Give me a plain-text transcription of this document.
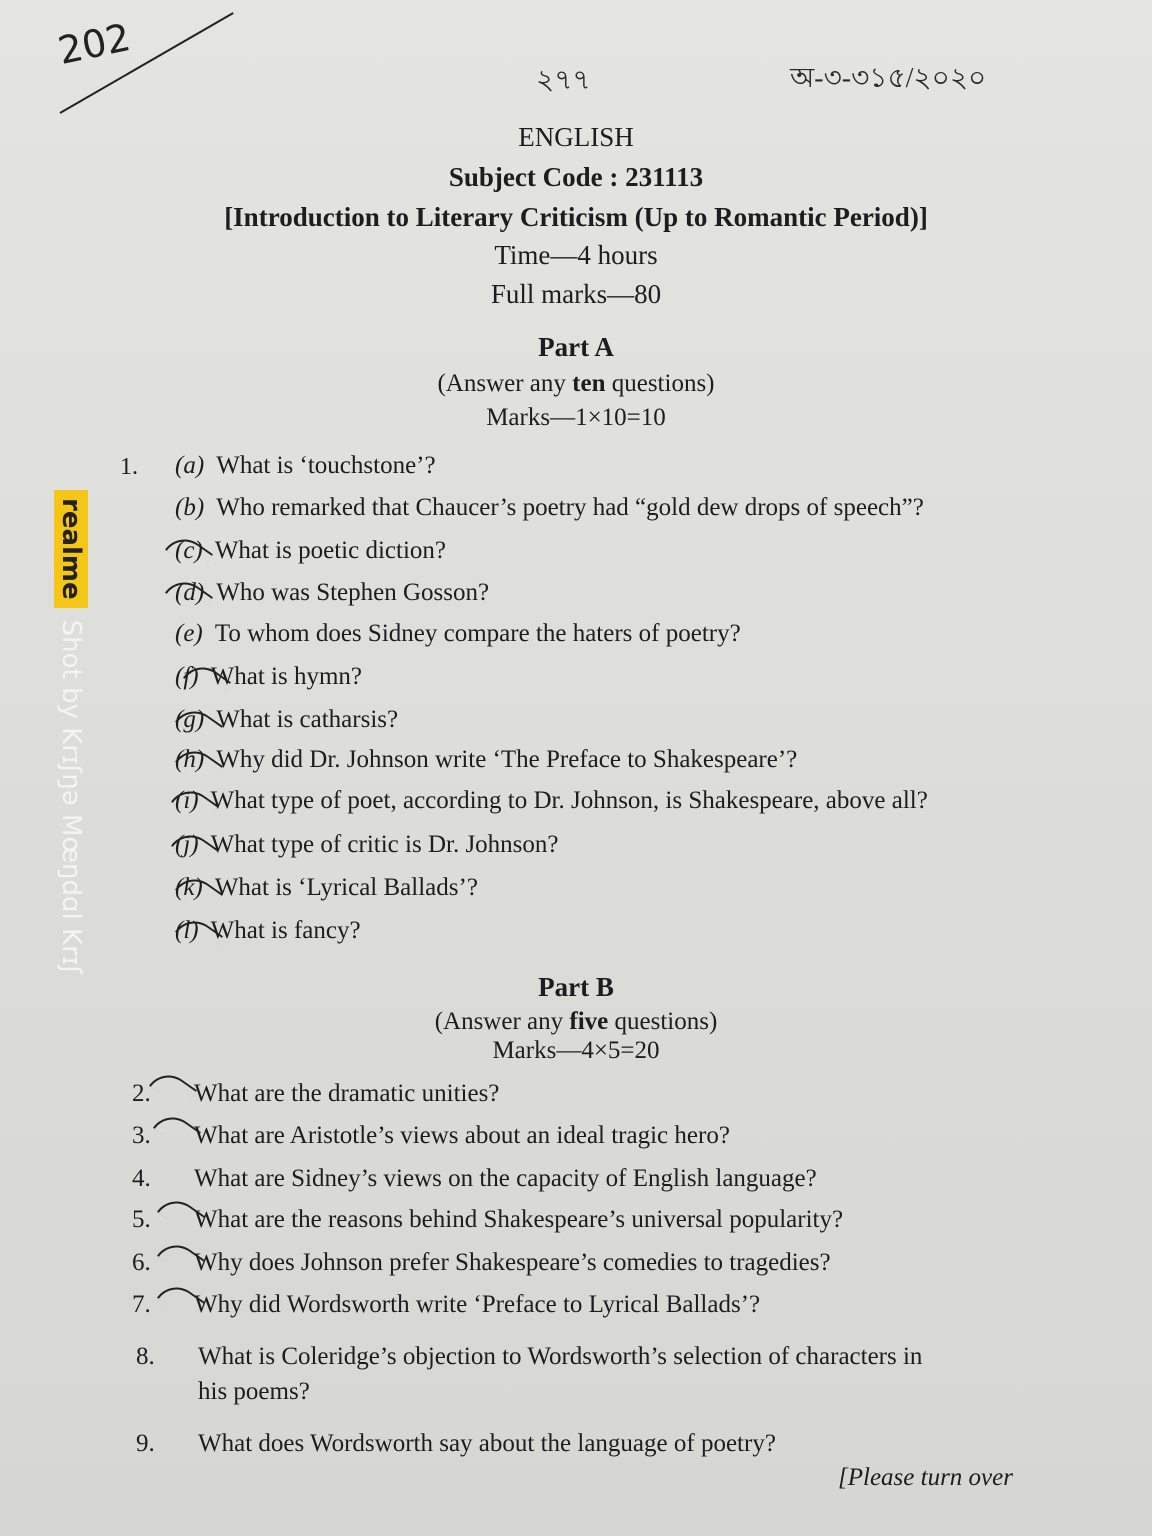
202
২৭৭	অ-৩-৩১৫/২০২০
ENGLISH
Subject Code : 231113
[Introduction to Literary Criticism (Up to Romantic Period)]
Time—4 hours
Full marks—80
Part A
(Answer any ten questions)
Marks—1×10=10
1. (a) What is ‘touchstone’?
(b) Who remarked that Chaucer’s poetry had “gold dew drops of speech”?
(c) What is poetic diction?
(d) Who was Stephen Gosson?
(e) To whom does Sidney compare the haters of poetry?
(f) What is hymn?
(g) What is catharsis?
(h) Why did Dr. Johnson write ‘The Preface to Shakespeare’?
(i) What type of poet, according to Dr. Johnson, is Shakespeare, above all?
(j) What type of critic is Dr. Johnson?
(k) What is ‘Lyrical Ballads’?
(l) What is fancy?
Part B
(Answer any five questions)
Marks—4×5=20
2. What are the dramatic unities?
3. What are Aristotle’s views about an ideal tragic hero?
4. What are Sidney’s views on the capacity of English language?
5. What are the reasons behind Shakespeare’s universal popularity?
6. Why does Johnson prefer Shakespeare’s comedies to tragedies?
7. Why did Wordsworth write ‘Preface to Lyrical Ballads’?
8. What is Coleridge’s objection to Wordsworth’s selection of characters in
his poems?
9. What does Wordsworth say about the language of poetry?
[Please turn over
realme
Shot by Krɪʃŋə Mœŋdɑl Krɪʃ
